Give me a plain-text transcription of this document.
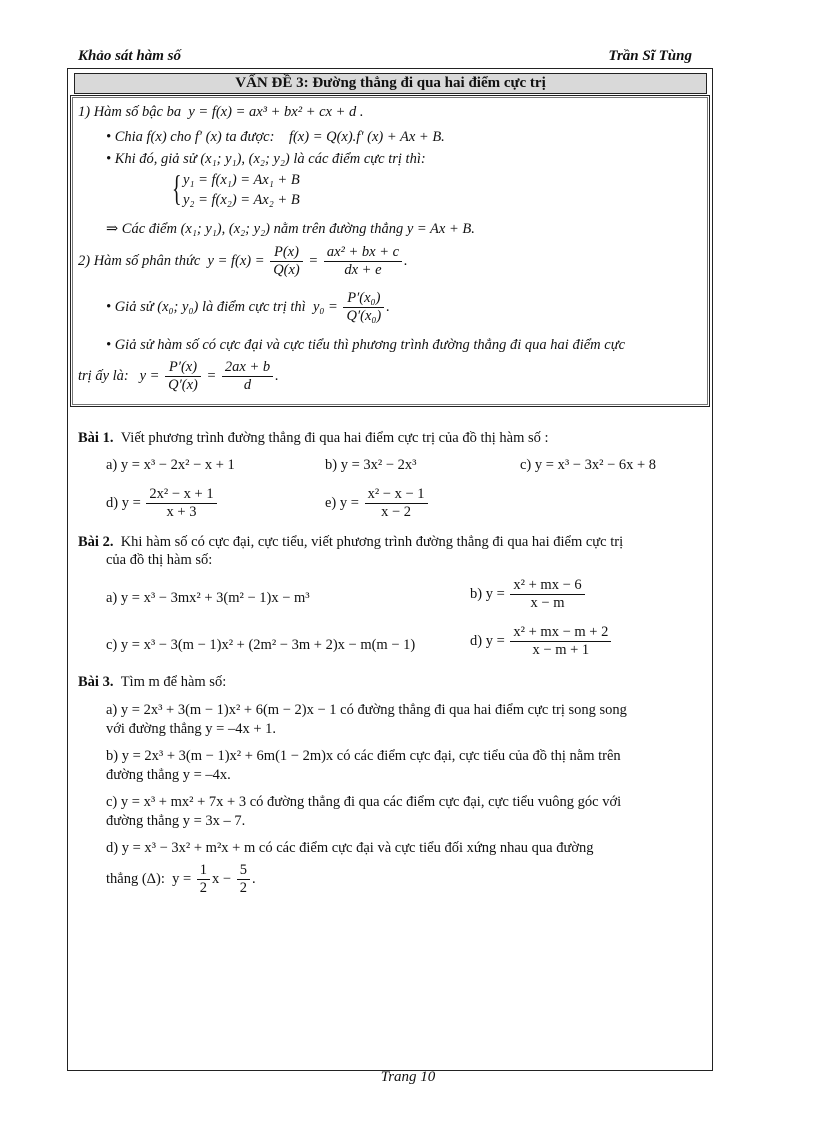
Khảo sát hàm số	Trần Sĩ Tùng
VẤN ĐỀ 3: Đường thẳng đi qua hai điểm cực trị
1) Hàm số bậc ba y = f(x) = ax³ + bx² + cx + d .
• Chia f(x) cho f′ (x) ta được: f(x) = Q(x).f′ (x) + Ax + B.
• Khi đó, giả sử (x₁; y₁), (x₂; y₂) là các điểm cực trị thì:
{ y₁ = f(x₁) = Ax₁ + B
y₂ = f(x₂) = Ax₂ + B
⇒ Các điểm (x₁; y₁), (x₂; y₂) nằm trên đường thẳng y = Ax + B.
2) Hàm số phân thức $y = f(x) = \frac{P(x)}{Q(x)} = \frac{\text{ax² + bx + c}}{dx + e}$ .
• Giả sử (x₀; y₀) là điểm cực trị thì $y_0 = \frac{\text{P′(x₀)}}{\text{Q′(x₀)}}$ .
• Giả sử hàm số có cực đại và cực tiểu thì phương trình đường thẳng đi qua hai điểm cực
trị ấy là: $y = \frac{P'(x)}{Q'(x)} = \frac{2ax + b}{d}$ .
Bài 1. Viết phương trình đường thẳng đi qua hai điểm cực trị của đồ thị hàm số :
a) y = x³ − 2x² − x + 1	b) y = 3x² − 2x³	c) y = x³ − 3x² − 6x + 8
d) $y = \frac{\text{2x² − x + 1}}{x + 3}$	e) $y = \frac{\text{x² − x − 1}}{x - 2}$
Bài 2. Khi hàm số có cực đại, cực tiểu, viết phương trình đường thẳng đi qua hai điểm cực trị
của đồ thị hàm số:
a) y = x³ − 3mx² + 3(m² − 1)x − m³	b) $y = \frac{\text{x² + mx − 6}}{x - m}$
c) y = x³ − 3(m − 1)x² + (2m² − 3m + 2)x − m(m − 1)	d) $y = \frac{\text{x² + mx − m + 2}}{x - m + 1}$
Bài 3. Tìm m để hàm số:
a) y = 2x³ + 3(m − 1)x² + 6(m − 2)x − 1 có đường thẳng đi qua hai điểm cực trị song song
với đường thẳng y = –4x + 1.
b) y = 2x³ + 3(m − 1)x² + 6m(1 − 2m)x có các điểm cực đại, cực tiểu của đồ thị nằm trên
đường thẳng y = –4x.
c) y = x³ + mx² + 7x + 3 có đường thẳng đi qua các điểm cực đại, cực tiểu vuông góc với
đường thẳng y = 3x – 7.
d) y = x³ − 3x² + m²x + m có các điểm cực đại và cực tiểu đối xứng nhau qua đường
thẳng (Δ): $y = \frac{1}{2}$ $x - \frac{5}{2}$ .
Trang 10
